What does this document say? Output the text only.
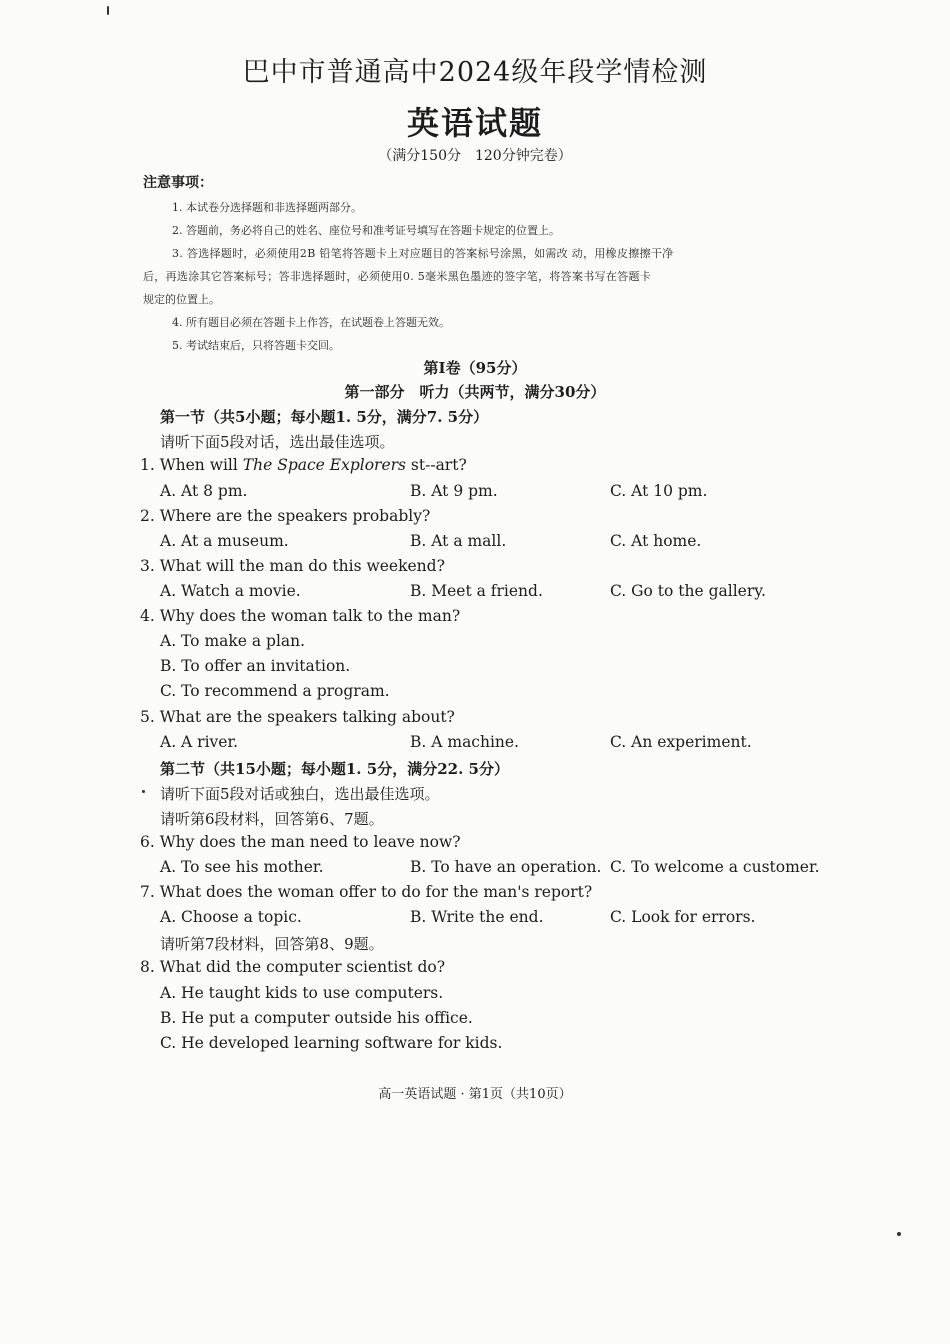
巴中市普通高中2024级年段学情检测
英语试题
（满分150分　120分钟完卷）
注意事项：
1. 本试卷分选择题和非选择题两部分。
2. 答题前，务必将自己的姓名、座位号和准考证号填写在答题卡规定的位置上。
3. 答选择题时，必须使用2B 铅笔将答题卡上对应题目的答案标号涂黑，如需改 动，用橡皮擦擦干净
后，再选涂其它答案标号；答非选择题时，必须使用0. 5毫米黑色墨迹的签字笔，将答案书写在答题卡
规定的位置上。
4. 所有题目必须在答题卡上作答，在试题卷上答题无效。
5. 考试结束后，只将答题卡交回。
第Ⅰ卷（95分）
第一部分　听力（共两节，满分30分）
第一节（共5小题；每小题1. 5分，满分7. 5分）
请听下面5段对话，选出最佳选项。
1. When will The Space Explorers st--art?
A. At 8 pm.	B. At 9 pm.	C. At 10 pm.
2. Where are the speakers probably?
A. At a museum.	B. At a mall.	C. At home.
3. What will the man do this weekend?
A. Watch a movie.	B. Meet a friend.	C. Go to the gallery.
4. Why does the woman talk to the man?
A. To make a plan.
B. To offer an invitation.
C. To recommend a program.
5. What are the speakers talking about?
A. A river.	B. A machine.	C. An experiment.
第二节（共15小题；每小题1. 5分，满分22. 5分）
请听下面5段对话或独白，选出最佳选项。
请听第6段材料，回答第6、7题。
6. Why does the man need to leave now?
A. To see his mother.	B. To have an operation. C. To welcome a customer.
7. What does the woman offer to do for the man's report?
A. Choose a topic.	B. Write the end.	C. Look for errors.
请听第7段材料，回答第8、9题。
8. What did the computer scientist do?
A. He taught kids to use computers.
B. He put a computer outside his office.
C. He developed learning software for kids.
高一英语试题 · 第1页（共10页）
